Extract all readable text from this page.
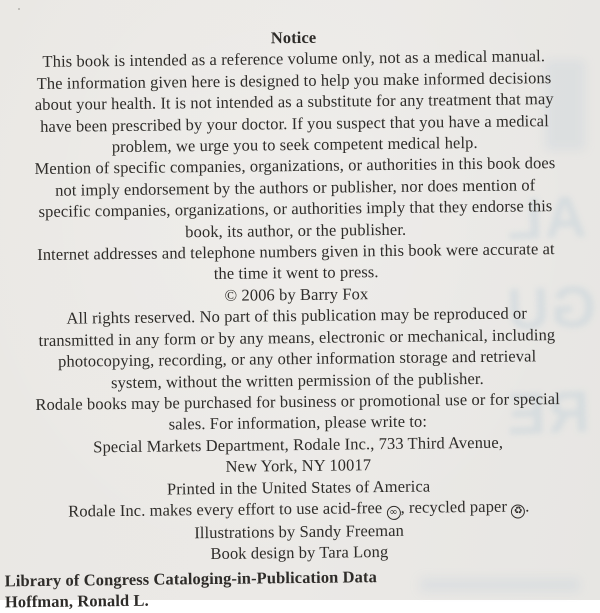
AL
GU
RE
Notice
This book is intended as a reference volume only, not as a medical manual.
The information given here is designed to help you make informed decisions
about your health. It is not intended as a substitute for any treatment that may
have been prescribed by your doctor. If you suspect that you have a medical
problem, we urge you to seek competent medical help.
Mention of specific companies, organizations, or authorities in this book does
not imply endorsement by the authors or publisher, nor does mention of
specific companies, organizations, or authorities imply that they endorse this
book, its author, or the publisher.
Internet addresses and telephone numbers given in this book were accurate at
the time it went to press.
© 2006 by Barry Fox
All rights reserved. No part of this publication may be reproduced or
transmitted in any form or by any means, electronic or mechanical, including
photocopying, recording, or any other information storage and retrieval
system, without the written permission of the publisher.
Rodale books may be purchased for business or promotional use or for special
sales. For information, please write to:
Special Markets Department, Rodale Inc., 733 Third Avenue,
New York, NY 10017
Printed in the United States of America
Rodale Inc. makes every effort to use acid-free ∞ , recycled paper ♻ .
Illustrations by Sandy Freeman
Book design by Tara Long
Library of Congress Cataloging-in-Publication Data
Hoffman, Ronald L.
